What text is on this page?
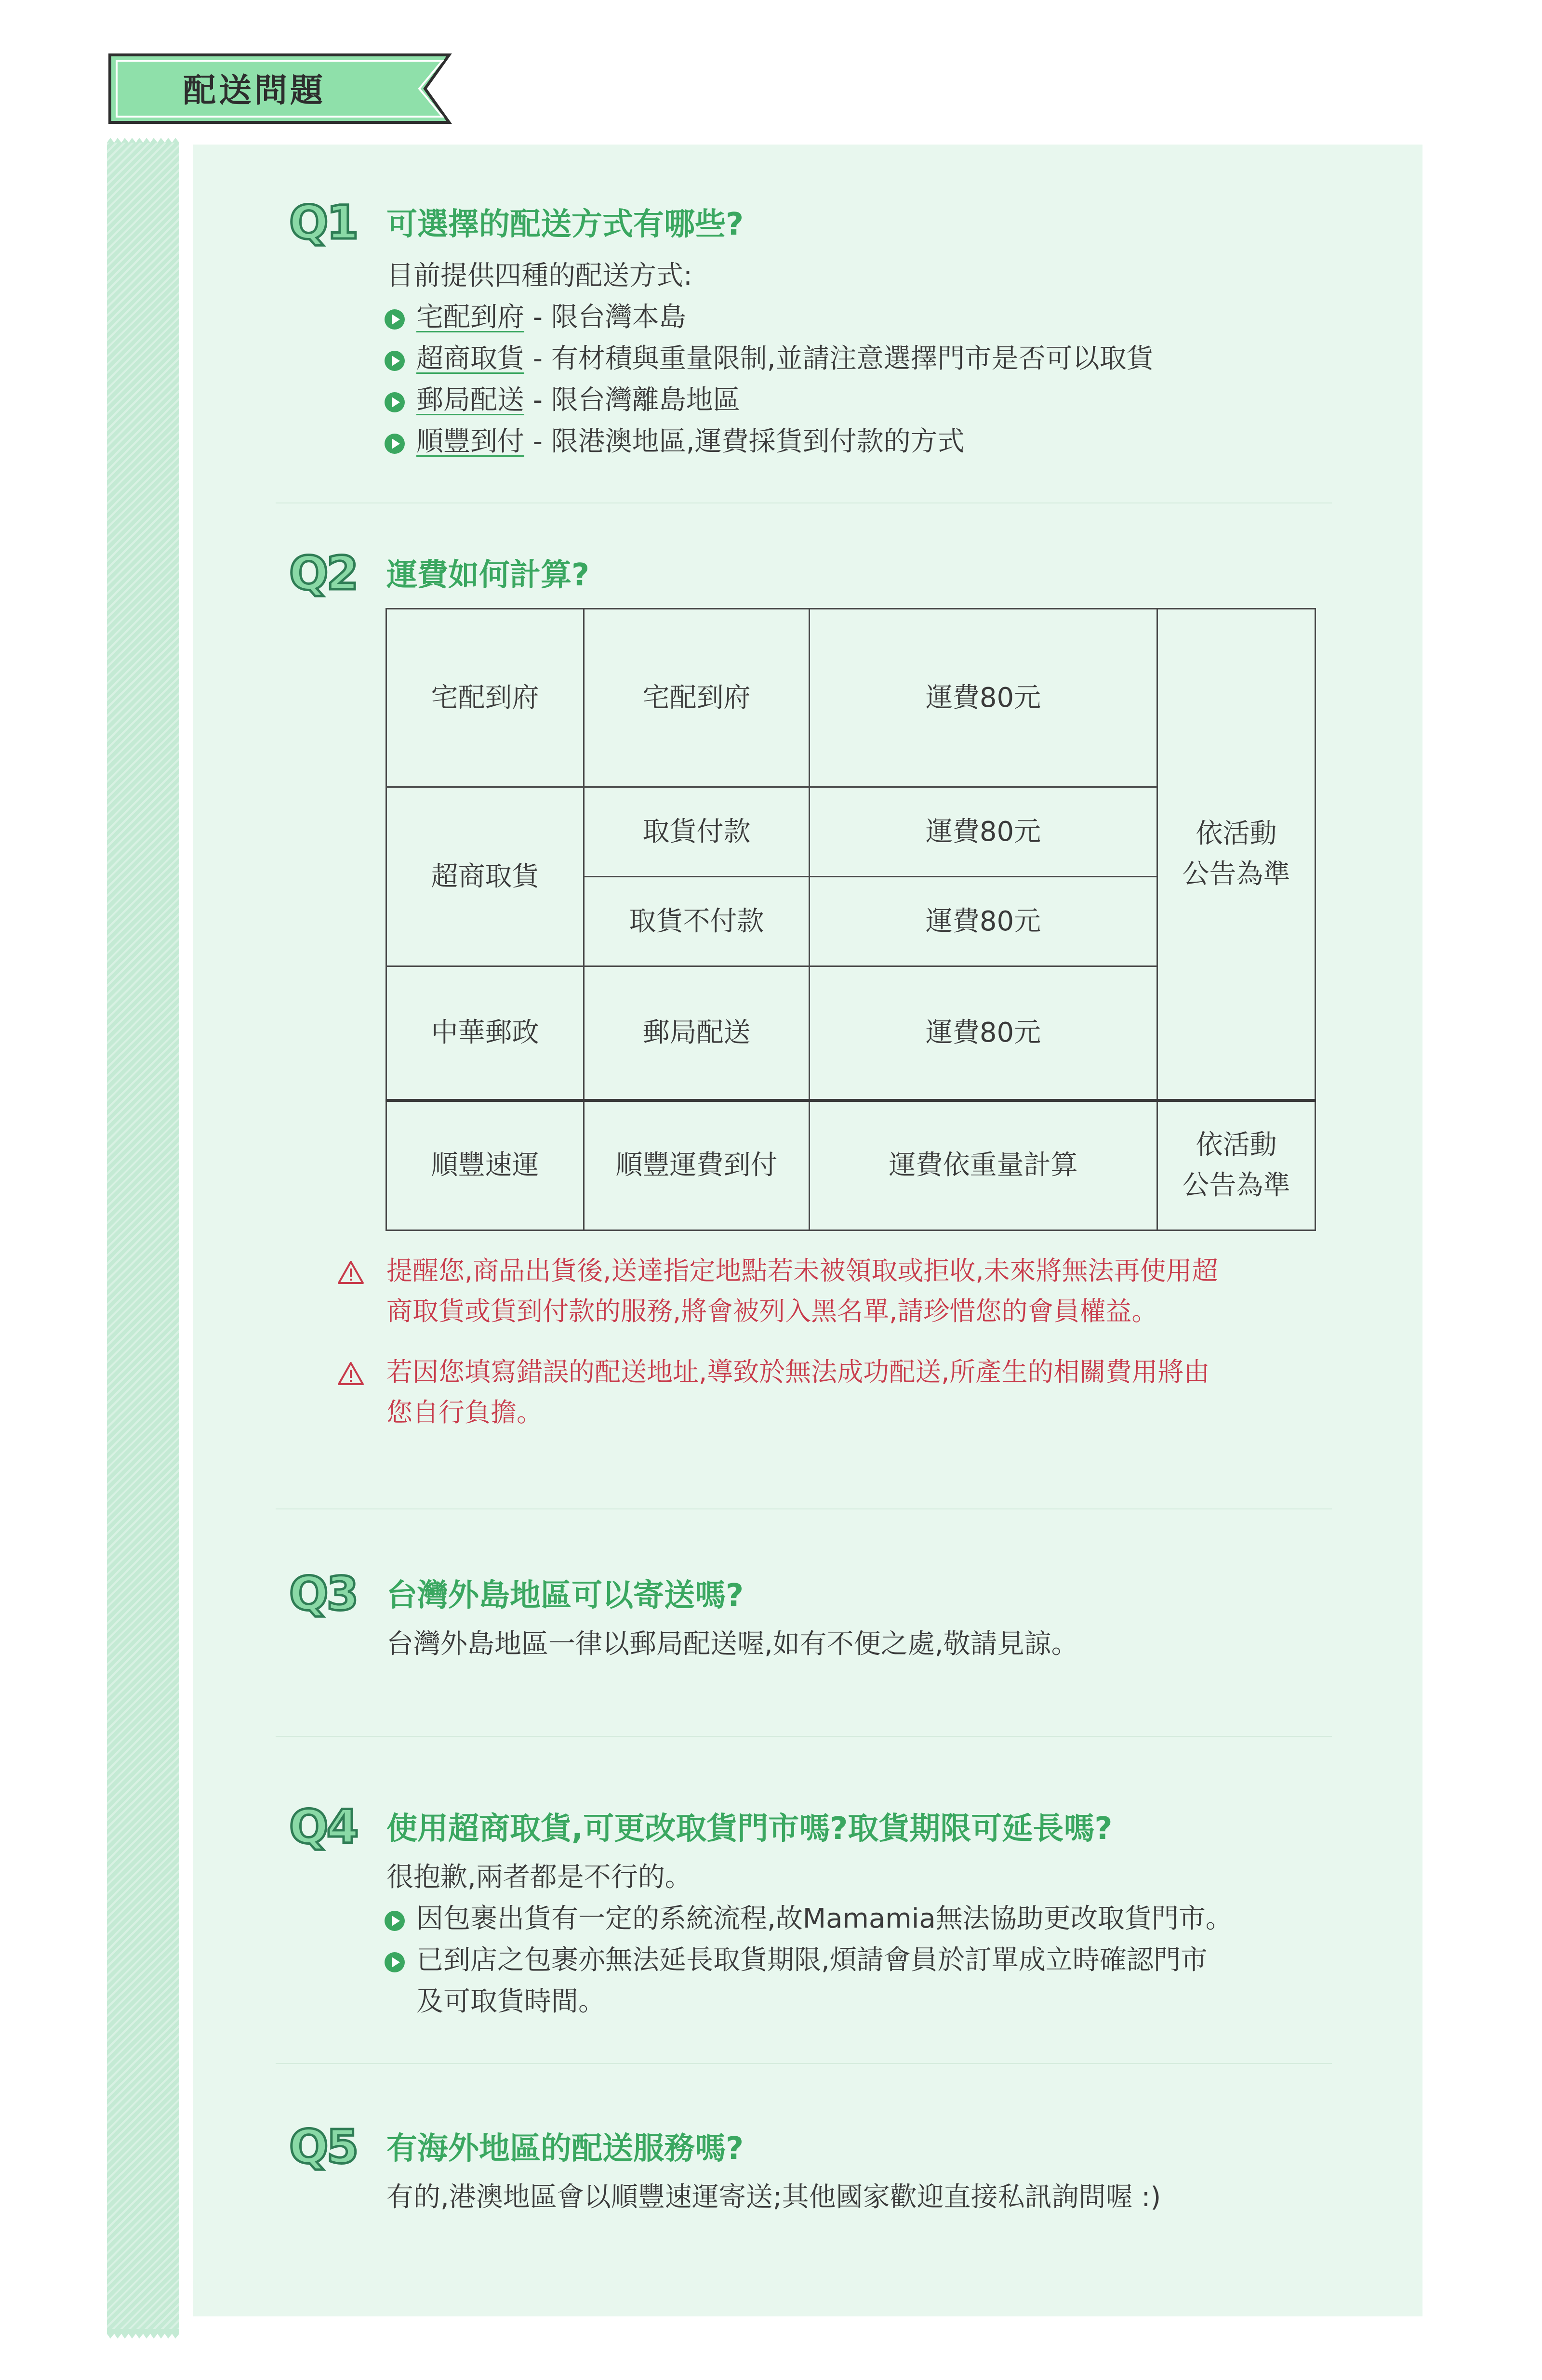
配送問題
Q1 可選擇的配送方式有哪些?
目前提供四種的配送方式:
宅配到府 - 限台灣本島
超商取貨 - 有材積與重量限制,並請注意選擇門市是否可以取貨
郵局配送 - 限台灣離島地區
順豐到付 - 限港澳地區,運費採貨到付款的方式
Q2 運費如何計算?
宅配到府	宅配到府	運費80元	依活動
公告為準

超商取貨	取貨付款	運費80元	
	取貨不付款	運費80元	
中華郵政	郵局配送	運費80元	
順豐速運	順豐運費到付	運費依重量計算	依活動
公告為準
提醒您,商品出貨後,送達指定地點若未被領取或拒收,未來將無法再使用超
商取貨或貨到付款的服務,將會被列入黑名單,請珍惜您的會員權益。
若因您填寫錯誤的配送地址,導致於無法成功配送,所產生的相關費用將由
您自行負擔。
Q3 台灣外島地區可以寄送嗎?
台灣外島地區一律以郵局配送喔,如有不便之處,敬請見諒。
Q4 使用超商取貨,可更改取貨門市嗎?取貨期限可延長嗎?
很抱歉,兩者都是不行的。
因包裹出貨有一定的系統流程,故Mamamia無法協助更改取貨門市。
已到店之包裹亦無法延長取貨期限,煩請會員於訂單成立時確認門市
及可取貨時間。
Q5 有海外地區的配送服務嗎?
有的,港澳地區會以順豐速運寄送;其他國家歡迎直接私訊詢問喔 :)
